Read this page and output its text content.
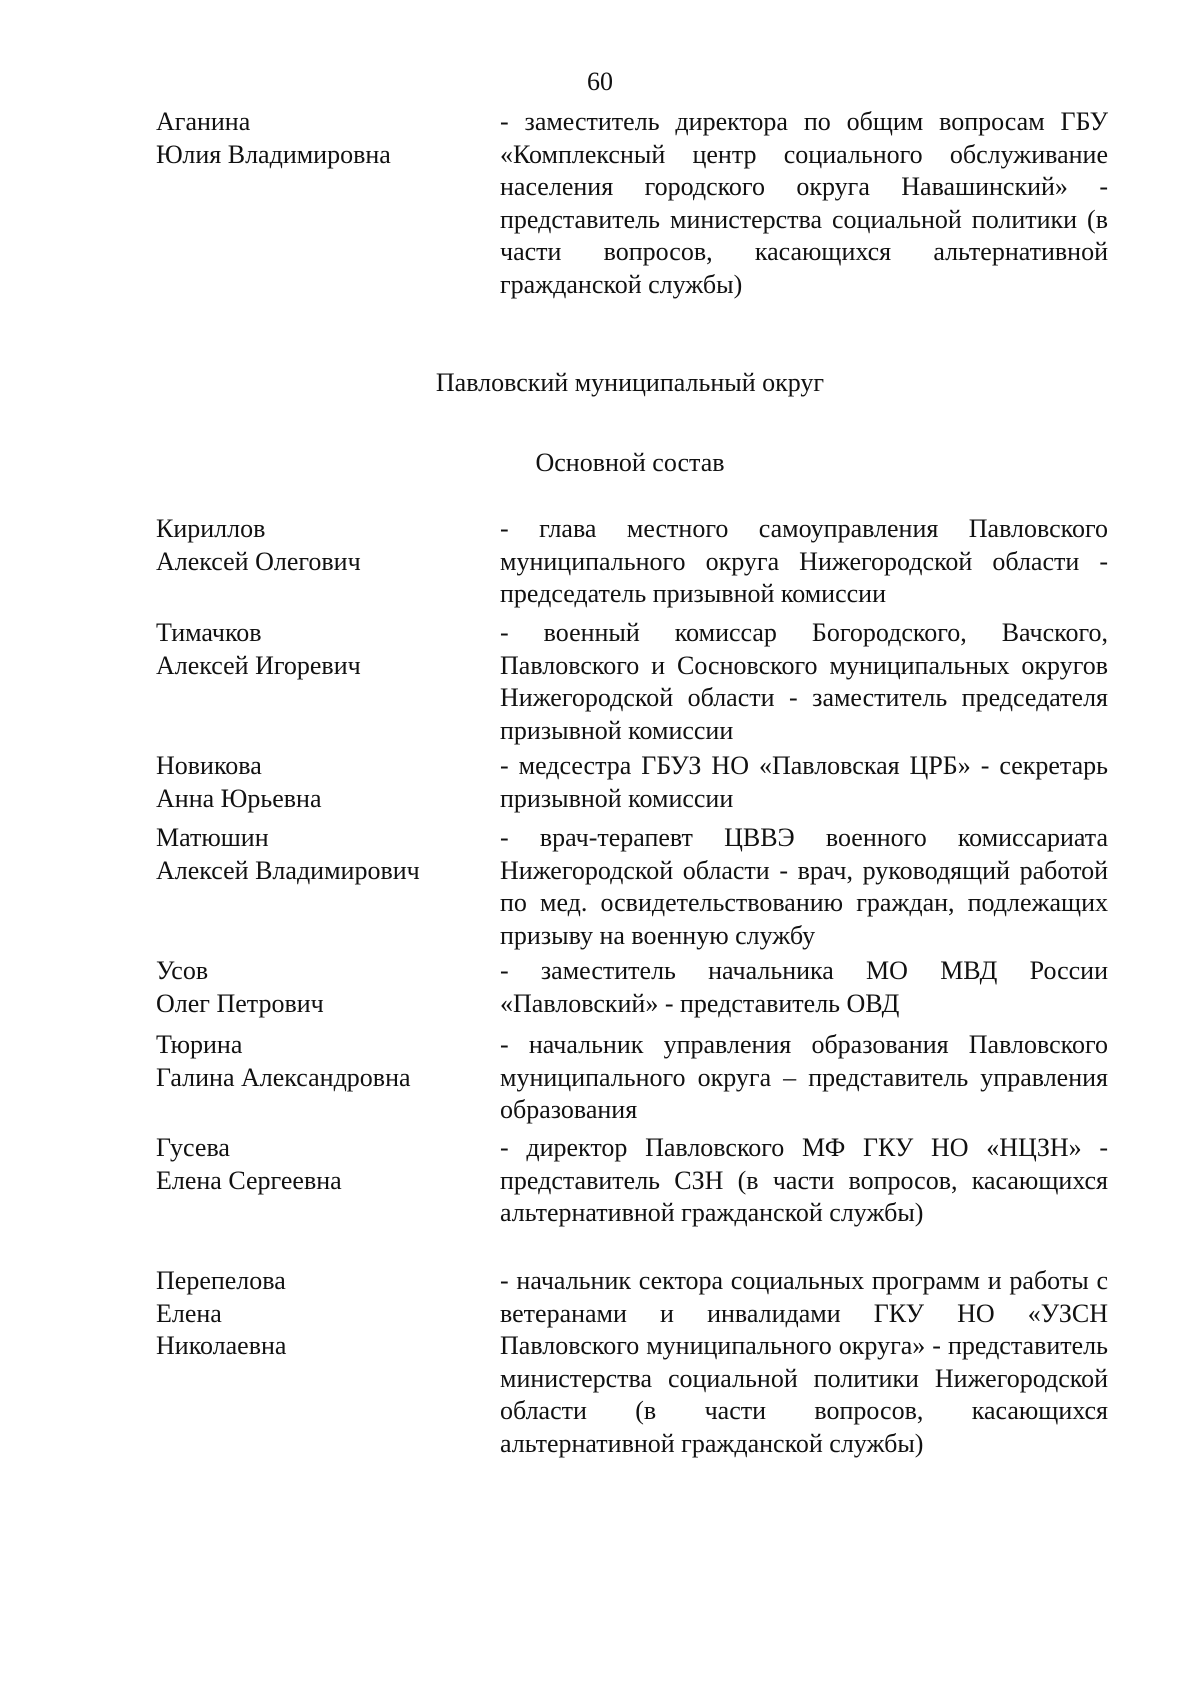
60
Аганина
Юлия Владимировна
- заместитель директора по общим вопросам ГБУ «Комплексный центр социального обслуживание населения городского округа Навашинский» - представитель министерства социальной политики (в части вопросов, касающихся альтернативной гражданской службы)
Павловский муниципальный округ
Основной состав
Кириллов
Алексей Олегович
- глава местного самоуправления Павловского муниципального округа Нижегородской области - председатель призывной комиссии
Тимачков
Алексей Игоревич
- военный комиссар Богородского, Вачского, Павловского и Сосновского муниципальных округов Нижегородской области - заместитель председателя призывной комиссии
Новикова
Анна Юрьевна
- медсестра ГБУЗ НО «Павловская ЦРБ» - секретарь призывной комиссии
Матюшин
Алексей Владимирович
- врач-терапевт ЦВВЭ военного комиссариата Нижегородской области - врач, руководящий работой по мед. освидетельствованию граждан, подлежащих призыву на военную службу
Усов
Олег Петрович
- заместитель начальника МО МВД России «Павловский» - представитель ОВД
Тюрина
Галина Александровна
- начальник управления образования Павловского муниципального округа – представитель управления образования
Гусева
Елена Сергеевна
- директор Павловского МФ ГКУ НО «НЦЗН» - представитель СЗН (в части вопросов, касающихся альтернативной гражданской службы)
Перепелова
Елена
Николаевна
- начальник сектора социальных программ и работы с ветеранами и инвалидами ГКУ НО «УЗСН Павловского муниципального округа» - представитель министерства социальной политики Нижегородской области (в части вопросов, касающихся альтернативной гражданской службы)
